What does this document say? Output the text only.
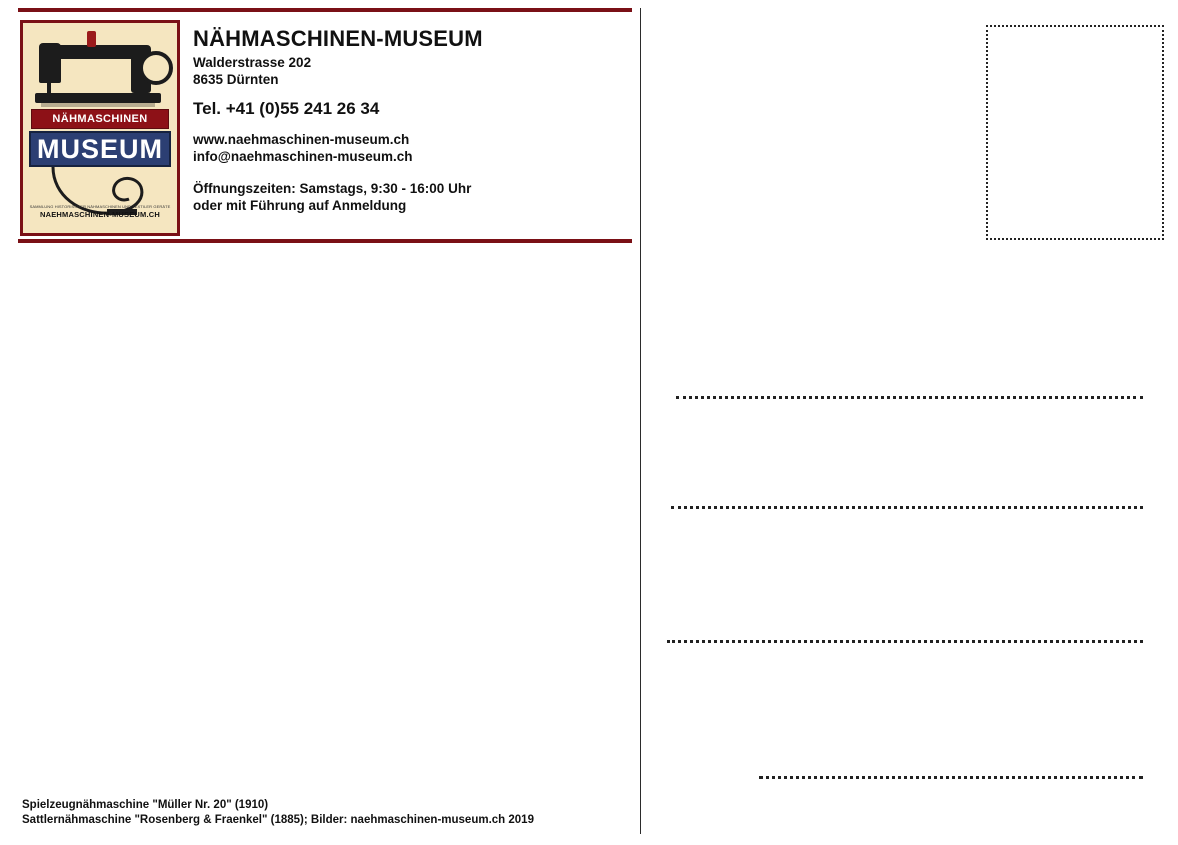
NÄHMASCHINEN
MUSEUM
SAMMLUNG HISTORISCHER NÄHMASCHINEN UND TEXTILER GERÄTE
NAEHMASCHINEN-MUSEUM.CH
NÄHMASCHINEN-MUSEUM
Walderstrasse 202
8635 Dürnten
Tel. +41 (0)55 241 26 34
www.naehmaschinen-museum.ch
info@naehmaschinen-museum.ch
Öffnungszeiten: Samstags, 9:30 - 16:00 Uhr
oder mit Führung auf Anmeldung
Spielzeugnähmaschine "Müller Nr. 20" (1910)
Sattlernähmaschine "Rosenberg & Fraenkel" (1885); Bilder: naehmaschinen-museum.ch 2019
